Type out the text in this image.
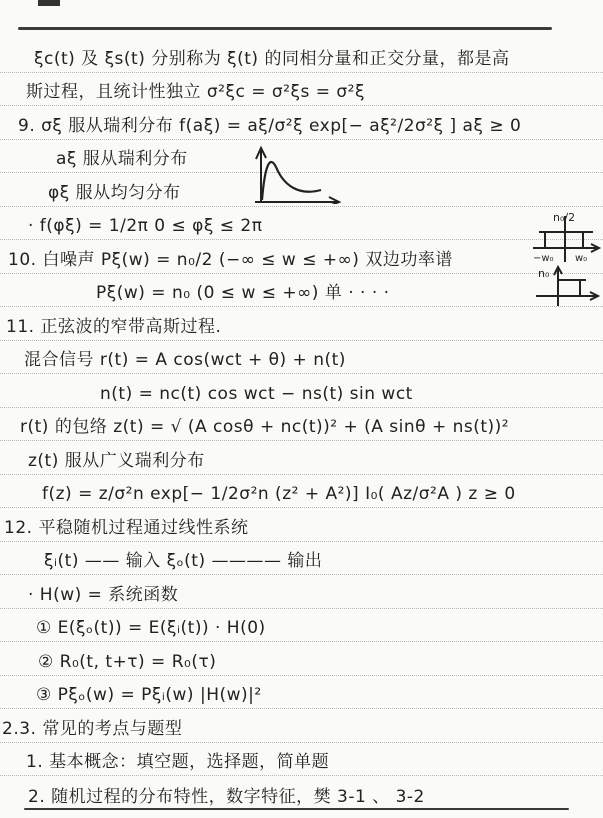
ξc(t) 及 ξs(t) 分别称为 ξ(t) 的同相分量和正交分量，都是高
斯过程，且统计性独立 σ²ξc = σ²ξs = σ²ξ
9. σξ 服从瑞利分布 f(aξ) = aξ/σ²ξ exp[− aξ²/2σ²ξ ] aξ ≥ 0
aξ 服从瑞利分布
φξ 服从均匀分布
· f(φξ) = 1/2π 0 ≤ φξ ≤ 2π
10. 白噪声 Pξ(w) = n₀/2 (−∞ ≤ w ≤ +∞) 双边功率谱
Pξ(w) = n₀ (0 ≤ w ≤ +∞) 单 · · · ·
11. 正弦波的窄带高斯过程.
混合信号 r(t) = A cos(wct + θ) + n(t)
n(t) = nc(t) cos wct − ns(t) sin wct
r(t) 的包络 z(t) = √ (A cosθ + nc(t))² + (A sinθ + ns(t))²
z(t) 服从广义瑞利分布
f(z) = z/σ²n exp[− 1/2σ²n (z² + A²)] I₀( Az/σ²A ) z ≥ 0
12. 平稳随机过程通过线性系统
ξᵢ(t) —— 输入 ξₒ(t) ———— 输出
· H(w) = 系统函数
① E(ξₒ(t)) = E(ξᵢ(t)) · H(0)
② R₀(t, t+τ) = R₀(τ)
③ Pξₒ(w) = Pξᵢ(w) |H(w)|²
2.3. 常见的考点与题型
1. 基本概念：填空题，选择题，简单题
2. 随机过程的分布特性，数字特征，樊 3-1 、 3-2
n₀/2
−w₀ w₀
n₀
